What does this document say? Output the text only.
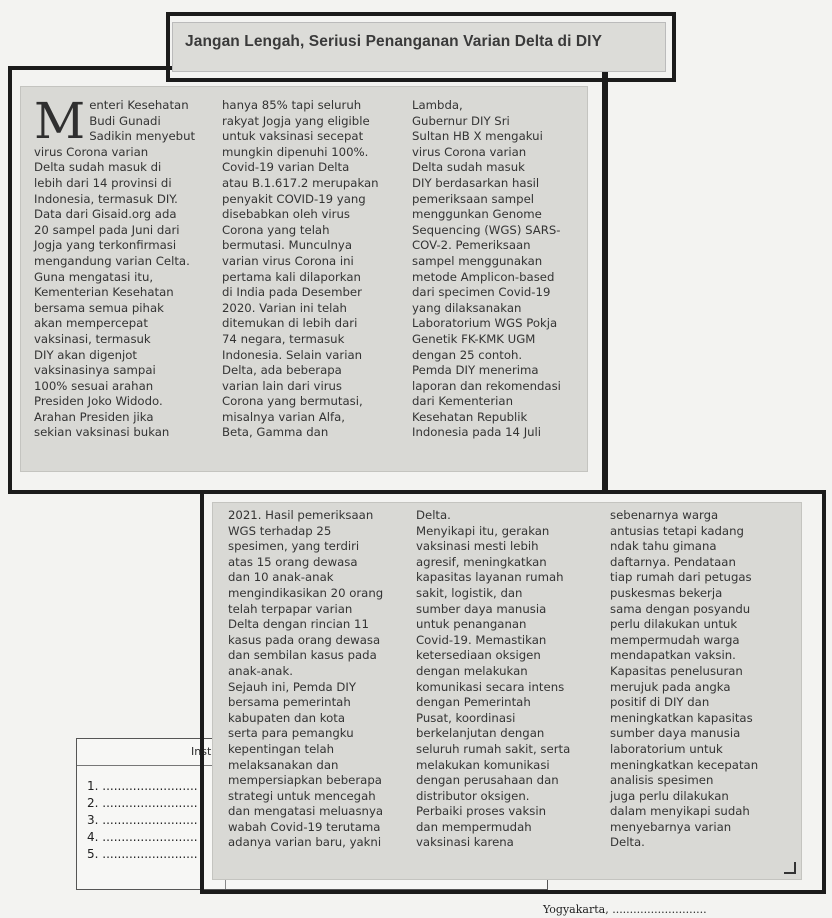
Inst
1. .........................
2. .........................
3. .........................
4. .........................
5. .........................
Yogyakarta, ...........................
Jangan Lengah, Seriusi Penanganan Varian Delta di DIY
M enteri Kesehatan
Budi Gunadi
Sadikin menyebut
virus Corona varian
Delta sudah masuk di
lebih dari 14 provinsi di
Indonesia, termasuk DIY.
Data dari Gisaid.org ada
20 sampel pada Juni dari
Jogja yang terkonfirmasi
mengandung varian Celta.
Guna mengatasi itu,
Kementerian Kesehatan
bersama semua pihak
akan mempercepat
vaksinasi, termasuk
DIY akan digenjot
vaksinasinya sampai
100% sesuai arahan
Presiden Joko Widodo.
Arahan Presiden jika
sekian vaksinasi bukan

hanya 85% tapi seluruh
rakyat Jogja yang eligible
untuk vaksinasi secepat
mungkin dipenuhi 100%.
Covid-19 varian Delta
atau B.1.617.2 merupakan
penyakit COVID-19 yang
disebabkan oleh virus
Corona yang telah
bermutasi. Munculnya
varian virus Corona ini
pertama kali dilaporkan
di India pada Desember
2020. Varian ini telah
ditemukan di lebih dari
74 negara, termasuk
Indonesia. Selain varian
Delta, ada beberapa
varian lain dari virus
Corona yang bermutasi,
misalnya varian Alfa,
Beta, Gamma dan

Lambda,
Gubernur DIY Sri
Sultan HB X mengakui
virus Corona varian
Delta sudah masuk
DIY berdasarkan hasil
pemeriksaan sampel
menggunkan Genome
Sequencing (WGS) SARS-
COV-2. Pemeriksaan
sampel menggunakan
metode Amplicon-based
dari specimen Covid-19
yang dilaksanakan
Laboratorium WGS Pokja
Genetik FK-KMK UGM
dengan 25 contoh.
Pemda DIY menerima
laporan dan rekomendasi
dari Kementerian
Kesehatan Republik
Indonesia pada 14 Juli

2021. Hasil pemeriksaan
WGS terhadap 25
spesimen, yang terdiri
atas 15 orang dewasa
dan 10 anak-anak
mengindikasikan 20 orang
telah terpapar varian
Delta dengan rincian 11
kasus pada orang dewasa
dan sembilan kasus pada
anak-anak.
Sejauh ini, Pemda DIY
bersama pemerintah
kabupaten dan kota
serta para pemangku
kepentingan telah
melaksanakan dan
mempersiapkan beberapa
strategi untuk mencegah
dan mengatasi meluasnya
wabah Covid-19 terutama
adanya varian baru, yakni

Delta.
Menyikapi itu, gerakan
vaksinasi mesti lebih
agresif, meningkatkan
kapasitas layanan rumah
sakit, logistik, dan
sumber daya manusia
untuk penanganan
Covid-19. Memastikan
ketersediaan oksigen
dengan melakukan
komunikasi secara intens
dengan Pemerintah
Pusat, koordinasi
berkelanjutan dengan
seluruh rumah sakit, serta
melakukan komunikasi
dengan perusahaan dan
distributor oksigen.
Perbaiki proses vaksin
dan mempermudah
vaksinasi karena

sebenarnya warga
antusias tetapi kadang
ndak tahu gimana
daftarnya. Pendataan
tiap rumah dari petugas
puskesmas bekerja
sama dengan posyandu
perlu dilakukan untuk
mempermudah warga
mendapatkan vaksin.
Kapasitas penelusuran
merujuk pada angka
positif di DIY dan
meningkatkan kapasitas
sumber daya manusia
laboratorium untuk
meningkatkan kecepatan
analisis spesimen
juga perlu dilakukan
dalam menyikapi sudah
menyebarnya varian
Delta.
